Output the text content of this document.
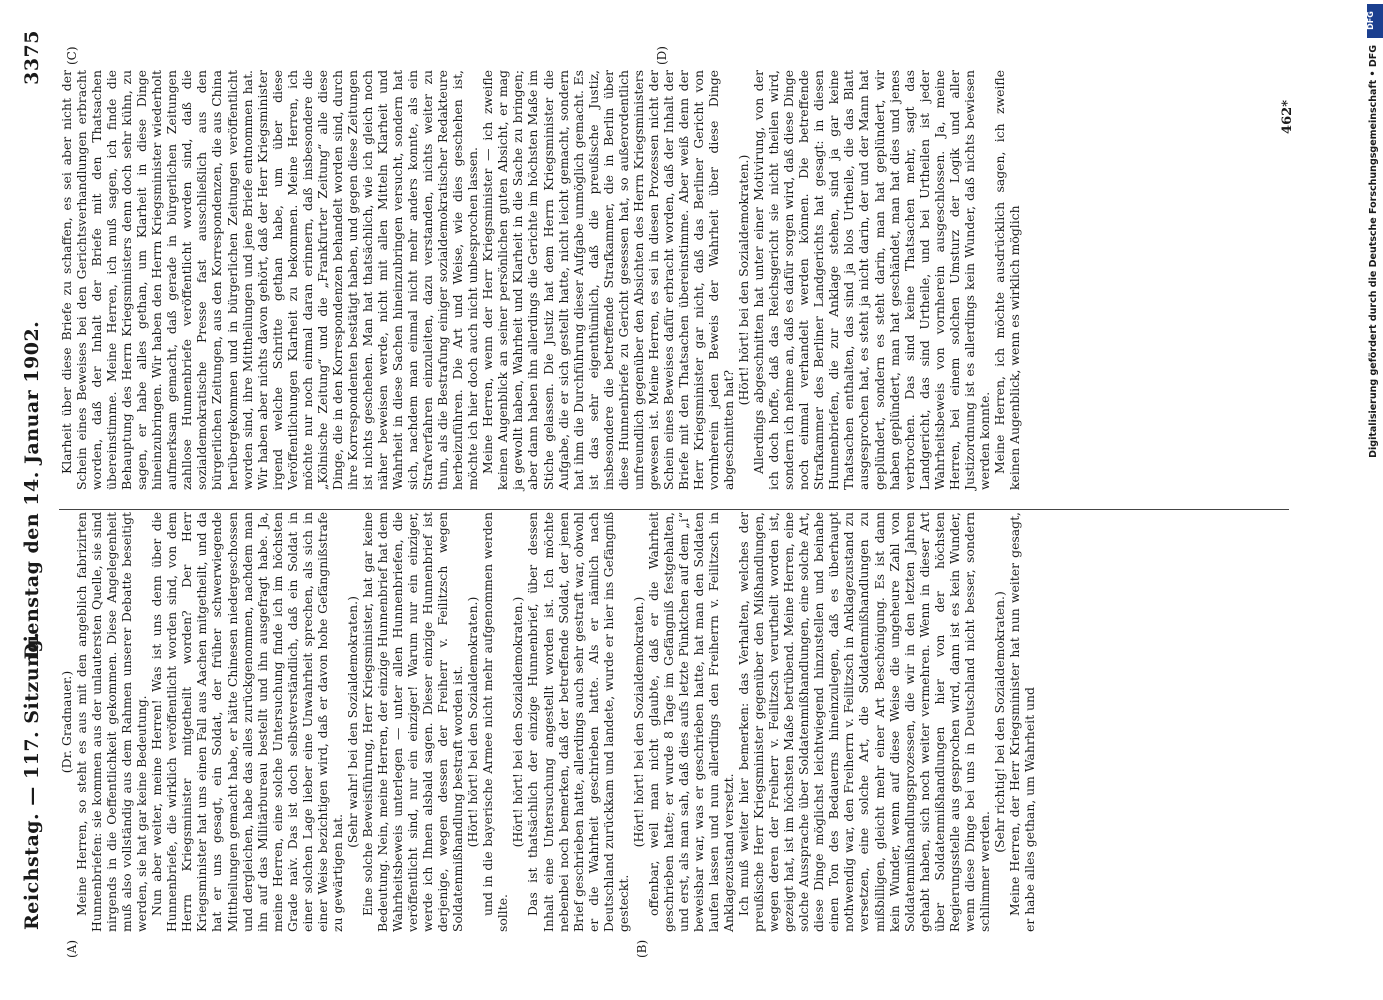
Reichstag. — 117. Sitzung.
Dienstag den 14. Januar 1902.
3375

(Dr. Gradnauer.) Meine Herren, so steht es aus mit den angeblich fabrizirten Hunnenbriefen: sie kommen aus der unlautersten Quelle, sie sind nirgends in die Oeffentlichkeit gekommen. Diese Angelegenheit muß also vollständig aus dem Rahmen unserer Debatte beseitigt werden, sie hat gar keine Bedeutung. Nun aber weiter, meine Herren! Was ist uns denn über die Hunnenbriefe, die wirklich veröffentlicht worden sind, von dem Herrn Kriegsminister mitgetheilt worden? Der Herr Kriegsminister hat uns einen Fall aus Aachen mitgetheilt, und da hat er uns gesagt, ein Soldat, der früher schwerwiegende Mittheilungen gemacht habe, er hätte Chinesen niedergeschossen und dergleichen, habe das alles zurückgenommen, nachdem man ihn auf das Militärbureau bestellt und ihn ausgefragt habe. Ja, meine Herren, eine solche Untersuchung finde ich im höchsten Grade naiv. Das ist doch selbstverständlich, daß ein Soldat in einer solchen Lage lieber eine Unwahrheit sprechen, als sich in einer Weise bezichtigen wird, daß er davon hohe Gefängnißstrafe zu gewärtigen hat.

(Sehr wahr! bei den Sozialdemokraten.) Eine solche Beweisführung, Herr Kriegsminister, hat gar keine Bedeutung. Nein, meine Herren, der einzige Hunnenbrief hat dem Wahrheitsbeweis unterlegen — unter allen Hunnenbriefen, die veröffentlicht sind, nur ein einziger! Warum nur ein einziger, werde ich Ihnen alsbald sagen. Dieser einzige Hunnenbrief ist derjenige, wegen dessen der Freiherr v. Feilitzsch wegen Soldatenmißhandlung bestraft worden ist. (Hört! hört! bei den Sozialdemokraten.) und in die bayerische Armee nicht mehr aufgenommen werden sollte.

(Hört! hört! bei den Sozialdemokraten.) Das ist thatsächlich der einzige Hunnenbrief, über dessen Inhalt eine Untersuchung angestellt worden ist. Ich möchte nebenbei noch bemerken, daß der betreffende Soldat, der jenen Brief geschrieben hatte, allerdings auch sehr gestraft war, obwohl er die Wahrheit geschrieben hatte. Als er nämlich nach Deutschland zurückkam und landete, wurde er hier ins Gefängniß gesteckt.

(Hört! hört! bei den Sozialdemokraten.) offenbar, weil man nicht glaubte, daß er die Wahrheit geschrieben hatte; er wurde 8 Tage im Gefängniß festgehalten, und erst, als man sah, daß dies aufs letzte Pünktchen auf dem „i“ beweisbar war, was er geschrieben hatte, hat man den Soldaten laufen lassen und nun allerdings den Freiherrn v. Feilitzsch in Anklagezustand versetzt. Ich muß weiter hier bemerken: das Verhalten, welches der preußische Herr Kriegsminister gegenüber den Mißhandlungen, wegen deren der Freiherr v. Feilitzsch verurtheilt worden ist, gezeigt hat, ist im höchsten Maße betrübend. Meine Herren, eine solche Aussprache über Soldatenmißhandlungen, eine solche Art, diese Dinge möglichst leichtwiegend hinzustellen und beinahe einen Ton des Bedauerns hineinzulegen, daß es überhaupt nothwendig war, den Freiherrn v. Feilitzsch in Anklagezustand zu versetzen, eine solche Art, die Soldatenmißhandlungen zu mißbilligen, gleicht mehr einer Art Beschönigung. Es ist dann kein Wunder, wenn auf diese Weise die ungeheure Zahl von Soldatenmißhandlungsprozessen, die wir in den letzten Jahren gehabt haben, sich noch weiter vermehren. Wenn in dieser Art über Soldatenmißhandlungen hier von der höchsten Regierungsstelle aus gesprochen wird, dann ist es kein Wunder, wenn diese Dinge bei uns in Deutschland nicht besser, sondern schlimmer werden.

(Sehr richtig! bei den Sozialdemokraten.) Meine Herren, der Herr Kriegsminister hat nun weiter gesagt, er habe alles gethan, um Wahrheit und

Klarheit über diese Briefe zu schaffen, es sei aber nicht der Schein eines Beweises bei den Gerichtsverhandlungen erbracht worden, daß der Inhalt der Briefe mit den Thatsachen übereinstimme. Meine Herren, ich muß sagen, ich finde die Behauptung des Herrn Kriegsministers denn doch sehr kühn, zu sagen, er habe alles gethan, um Klarheit in diese Dinge hineinzubringen. Wir haben den Herrn Kriegsminister wiederholt aufmerksam gemacht, daß gerade in bürgerlichen Zeitungen zahllose Hunnenbriefe veröffentlicht worden sind, daß die sozialdemokratische Presse fast ausschließlich aus den bürgerlichen Zeitungen, aus den Korrespondenzen, die aus China herübergekommen und in bürgerlichen Zeitungen veröffentlicht worden sind, ihre Mittheilungen und jene Briefe entnommen hat. Wir haben aber nichts davon gehört, daß der Herr Kriegsminister irgend welche Schritte gethan habe, um über diese Veröffentlichungen Klarheit zu bekommen. Meine Herren, ich möchte nur noch einmal daran erinnern, daß insbesondere die „Kölnische Zeitung“ und die „Frankfurter Zeitung“ alle diese Dinge, die in den Korrespondenzen behandelt worden sind, durch ihre Korrespondenten bestätigt haben, und gegen diese Zeitungen ist nichts geschehen. Man hat thatsächlich, wie ich gleich noch näher beweisen werde, nicht mit allen Mitteln Klarheit und Wahrheit in diese Sachen hineinzubringen versucht, sondern hat sich, nachdem man einmal nicht mehr anders konnte, als ein Strafverfahren einzuleiten, dazu verstanden, nichts weiter zu thun, als die Bestrafung einiger sozialdemokratischer Redakteure herbeizuführen. Die Art und Weise, wie dies geschehen ist, möchte ich hier doch auch nicht unbesprochen lassen. Meine Herren, wenn der Herr Kriegsminister — ich zweifle keinen Augenblick an seiner persönlichen guten Absicht, er mag ja gewollt haben, Wahrheit und Klarheit in die Sache zu bringen; aber dann haben ihn allerdings die Gerichte im höchsten Maße im Stiche gelassen. Die Justiz hat dem Herrn Kriegsminister die Aufgabe, die er sich gestellt hatte, nicht leicht gemacht, sondern hat ihm die Durchführung dieser Aufgabe unmöglich gemacht. Es ist das sehr eigenthümlich, daß die preußische Justiz, insbesondere die betreffende Strafkammer, die in Berlin über diese Hunnenbriefe zu Gericht gesessen hat, so außerordentlich unfreundlich gegenüber den Absichten des Herrn Kriegsministers gewesen ist. Meine Herren, es sei in diesen Prozessen nicht der Schein eines Beweises dafür erbracht worden, daß der Inhalt der Briefe mit den Thatsachen übereinstimme. Aber weiß denn der Herr Kriegsminister gar nicht, daß das Berliner Gericht von vornherein jeden Beweis der Wahrheit über diese Dinge abgeschnitten hat?

(Hört! hört! bei den Sozialdemokraten.) Allerdings abgeschnitten hat unter einer Motivirung, von der ich doch hoffe, daß das Reichsgericht sie nicht theilen wird, sondern ich nehme an, daß es dafür sorgen wird, daß diese Dinge noch einmal verhandelt werden können. Die betreffende Strafkammer des Berliner Landgerichts hat gesagt: in diesen Hunnenbriefen, die zur Anklage stehen, sind ja gar keine Thatsachen enthalten, das sind ja blos Urtheile, die das Blatt ausgesprochen hat, es steht ja nicht darin, der und der Mann hat geplündert, sondern es steht darin, man hat geplündert, wir haben geplündert, man hat geschändet, man hat dies und jenes verbrochen. Das sind keine Thatsachen mehr, sagt das Landgericht, das sind Urtheile, und bei Urtheilen ist jeder Wahrheitsbeweis von vornherein ausgeschlossen. Ja, meine Herren, bei einem solchen Umsturz der Logik und aller Justizordnung ist es allerdings kein Wunder, daß nichts bewiesen werden konnte. Meine Herren, ich möchte ausdrücklich sagen, ich zweifle keinen Augenblick, wenn es wirklich möglich

(A)	(B)
(C)	(D)
462*
DFG
Digitalisierung gefördert durch die Deutsche Forschungsgemeinschaft • DFG
